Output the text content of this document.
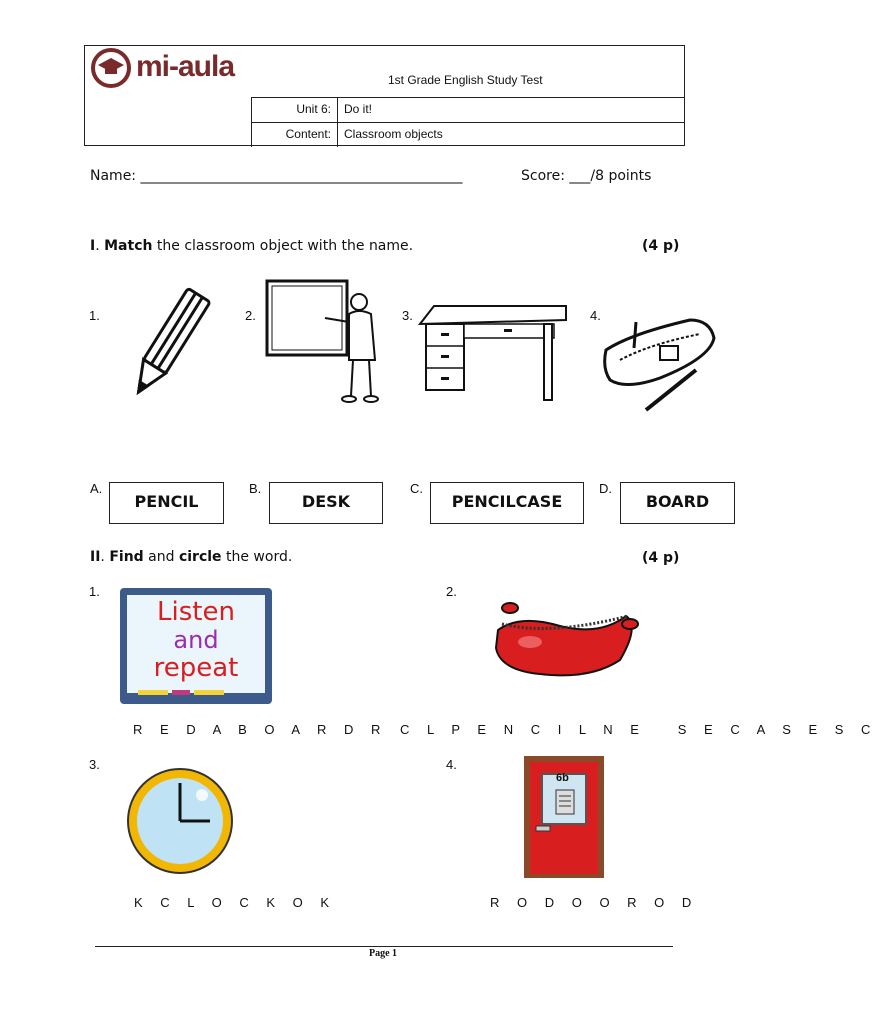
mi-aula	1st Grade English Study Test
Unit 6:	Do it!
Content:	Classroom objects
Name: ______________________________________________	Score: ___/8 points
I. Match the classroom object with the name.	(4 p)
1.	2.	3.	4.
A.
PENCIL
B.
DESK
C.
PENCILCASE
D.
BOARD
II. Find and circle the word.	(4 p)
1.	2.
3.	4.
Listen
and
repeat
R E D A B O A R D R C L P E N C I L N E   S E C A S E S C
6b
K C L O C K O K	R O D O O R O D
Page 1
